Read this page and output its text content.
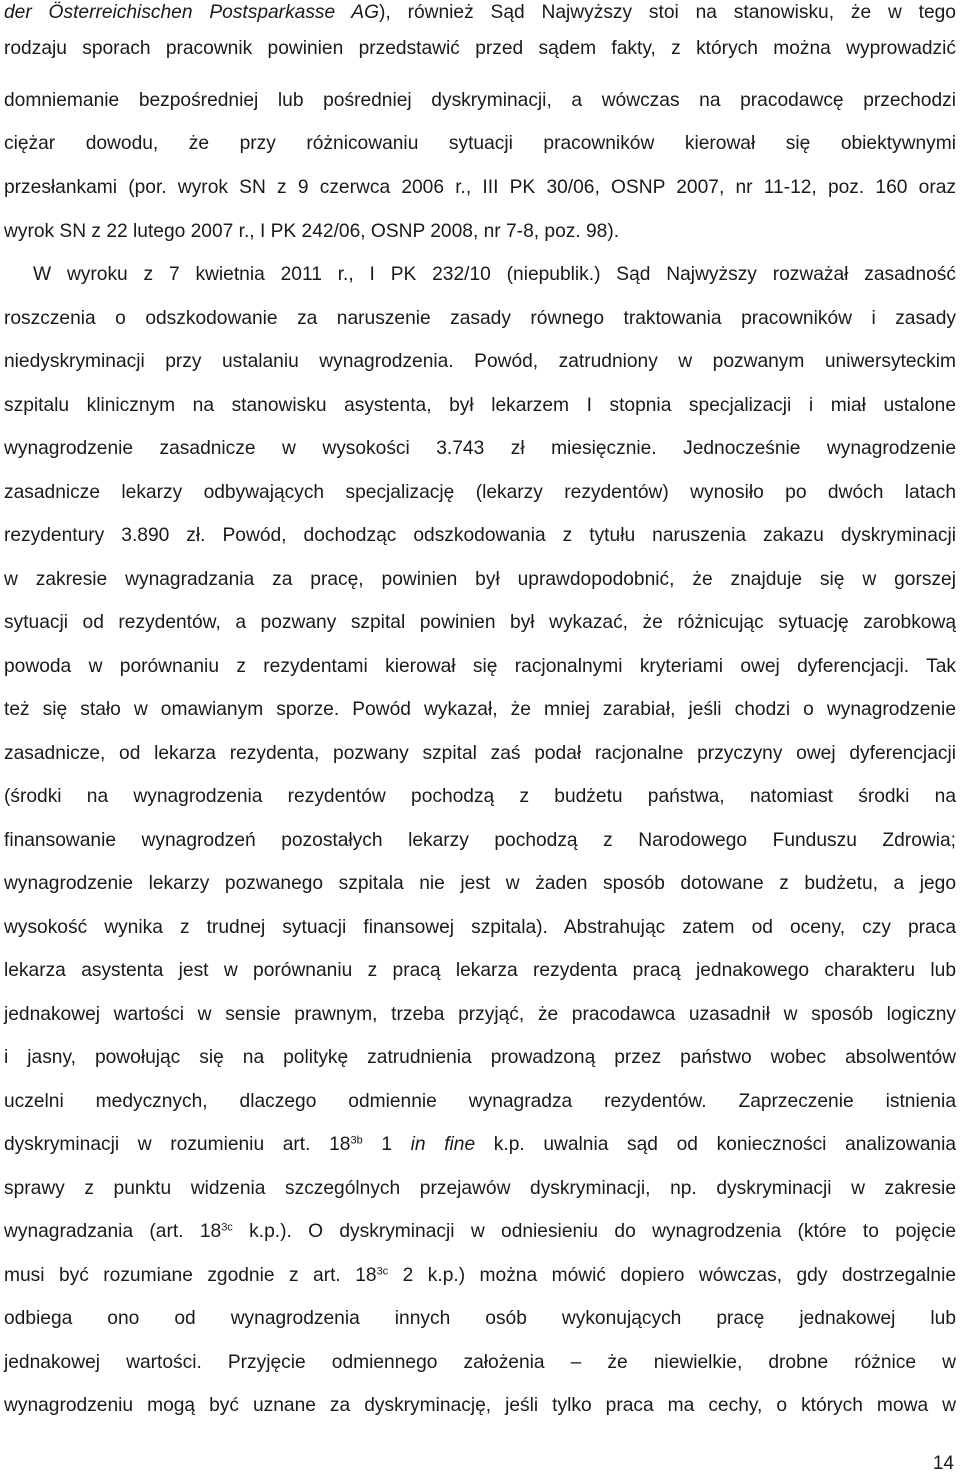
der Österreichischen Postsparkasse AG), również Sąd Najwyższy stoi na stanowisku, że w tego
rodzaju sporach pracownik powinien przedstawić przed sądem fakty, z których można wyprowadzić
domniemanie bezpośredniej lub pośredniej dyskryminacji, a wówczas na pracodawcę przechodzi
ciężar dowodu, że przy różnicowaniu sytuacji pracowników kierował się obiektywnymi
przesłankami (por. wyrok SN z 9 czerwca 2006 r., III PK 30/06, OSNP 2007, nr 11-12, poz. 160 oraz
wyrok SN z 22 lutego 2007 r., I PK 242/06, OSNP 2008, nr 7-8, poz. 98).
W wyroku z 7 kwietnia 2011 r., I PK 232/10 (niepublik.) Sąd Najwyższy rozważał zasadność
roszczenia o odszkodowanie za naruszenie zasady równego traktowania pracowników i zasady
niedyskryminacji przy ustalaniu wynagrodzenia. Powód, zatrudniony w pozwanym uniwersyteckim
szpitalu klinicznym na stanowisku asystenta, był lekarzem I stopnia specjalizacji i miał ustalone
wynagrodzenie zasadnicze w wysokości 3.743 zł miesięcznie. Jednocześnie wynagrodzenie
zasadnicze lekarzy odbywających specjalizację (lekarzy rezydentów) wynosiło po dwóch latach
rezydentury 3.890 zł. Powód, dochodząc odszkodowania z tytułu naruszenia zakazu dyskryminacji
w zakresie wynagradzania za pracę, powinien był uprawdopodobnić, że znajduje się w gorszej
sytuacji od rezydentów, a pozwany szpital powinien był wykazać, że różnicując sytuację zarobkową
powoda w porównaniu z rezydentami kierował się racjonalnymi kryteriami owej dyferencjacji. Tak
też się stało w omawianym sporze. Powód wykazał, że mniej zarabiał, jeśli chodzi o wynagrodzenie
zasadnicze, od lekarza rezydenta, pozwany szpital zaś podał racjonalne przyczyny owej dyferencjacji
(środki na wynagrodzenia rezydentów pochodzą z budżetu państwa, natomiast środki na
finansowanie wynagrodzeń pozostałych lekarzy pochodzą z Narodowego Funduszu Zdrowia;
wynagrodzenie lekarzy pozwanego szpitala nie jest w żaden sposób dotowane z budżetu, a jego
wysokość wynika z trudnej sytuacji finansowej szpitala). Abstrahując zatem od oceny, czy praca
lekarza asystenta jest w porównaniu z pracą lekarza rezydenta pracą jednakowego charakteru lub
jednakowej wartości w sensie prawnym, trzeba przyjąć, że pracodawca uzasadnił w sposób logiczny
i jasny, powołując się na politykę zatrudnienia prowadzoną przez państwo wobec absolwentów
uczelni medycznych, dlaczego odmiennie wynagradza rezydentów. Zaprzeczenie istnienia
dyskryminacji w rozumieniu art. $18^{3b}$ 1 in fine k.p. uwalnia sąd od konieczności analizowania
sprawy z punktu widzenia szczególnych przejawów dyskryminacji, np. dyskryminacji w zakresie
wynagradzania (art. $18^{3c}$ k.p.). O dyskryminacji w odniesieniu do wynagrodzenia (które to pojęcie
musi być rozumiane zgodnie z art. $18^{3c}$ 2 k.p.) można mówić dopiero wówczas, gdy dostrzegalnie
odbiega ono od wynagrodzenia innych osób wykonujących pracę jednakowej lub
jednakowej wartości. Przyjęcie odmiennego założenia – że niewielkie, drobne różnice w
wynagrodzeniu mogą być uznane za dyskryminację, jeśli tylko praca ma cechy, o których mowa w
14
